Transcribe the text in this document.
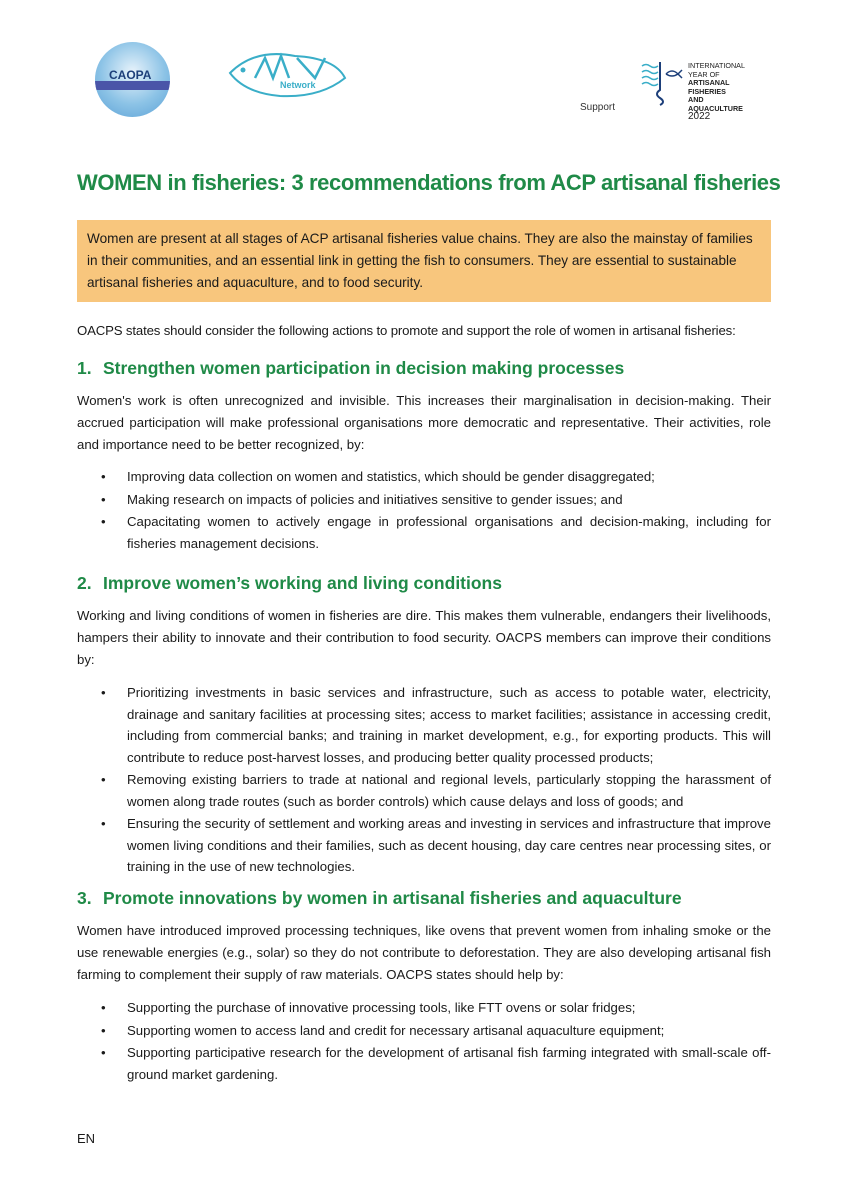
CAOPA
Network
Support
INTERNATIONAL YEAR OF
ARTISANAL FISHERIES
AND AQUACULTURE
2022
WOMEN in fisheries: 3 recommendations from ACP artisanal fisheries
Women are present at all stages of ACP artisanal fisheries value chains. They are also the mainstay of families in their communities, and an essential link in getting the fish to consumers. They are essential to sustainable artisanal fisheries and aquaculture, and to food security.
OACPS states should consider the following actions to promote and support the role of women in artisanal fisheries:
1. Strengthen women participation in decision making processes
Women's work is often unrecognized and invisible. This increases their marginalisation in decision-making. Their accrued participation will make professional organisations more democratic and representative. Their activities, role and importance need to be better recognized, by:
• Improving data collection on women and statistics, which should be gender disaggregated;
• Making research on impacts of policies and initiatives sensitive to gender issues; and
• Capacitating women to actively engage in professional organisations and decision-making, including for fisheries management decisions.
2. Improve women’s working and living conditions
Working and living conditions of women in fisheries are dire. This makes them vulnerable, endangers their livelihoods, hampers their ability to innovate and their contribution to food security. OACPS members can improve their conditions by:
• Prioritizing investments in basic services and infrastructure, such as access to potable water, electricity, drainage and sanitary facilities at processing sites; access to market facilities; assistance in accessing credit, including from commercial banks; and training in market development, e.g., for exporting products. This will contribute to reduce post-harvest losses, and producing better quality processed products;
• Removing existing barriers to trade at national and regional levels, particularly stopping the harassment of women along trade routes (such as border controls) which cause delays and loss of goods; and
• Ensuring the security of settlement and working areas and investing in services and infrastructure that improve women living conditions and their families, such as decent housing, day care centres near processing sites, or training in the use of new technologies.
3. Promote innovations by women in artisanal fisheries and aquaculture
Women have introduced improved processing techniques, like ovens that prevent women from inhaling smoke or the use renewable energies (e.g., solar) so they do not contribute to deforestation. They are also developing artisanal fish farming to complement their supply of raw materials. OACPS states should help by:
• Supporting the purchase of innovative processing tools, like FTT ovens or solar fridges;
• Supporting women to access land and credit for necessary artisanal aquaculture equipment;
• Supporting participative research for the development of artisanal fish farming integrated with small-scale off-ground market gardening.
EN
